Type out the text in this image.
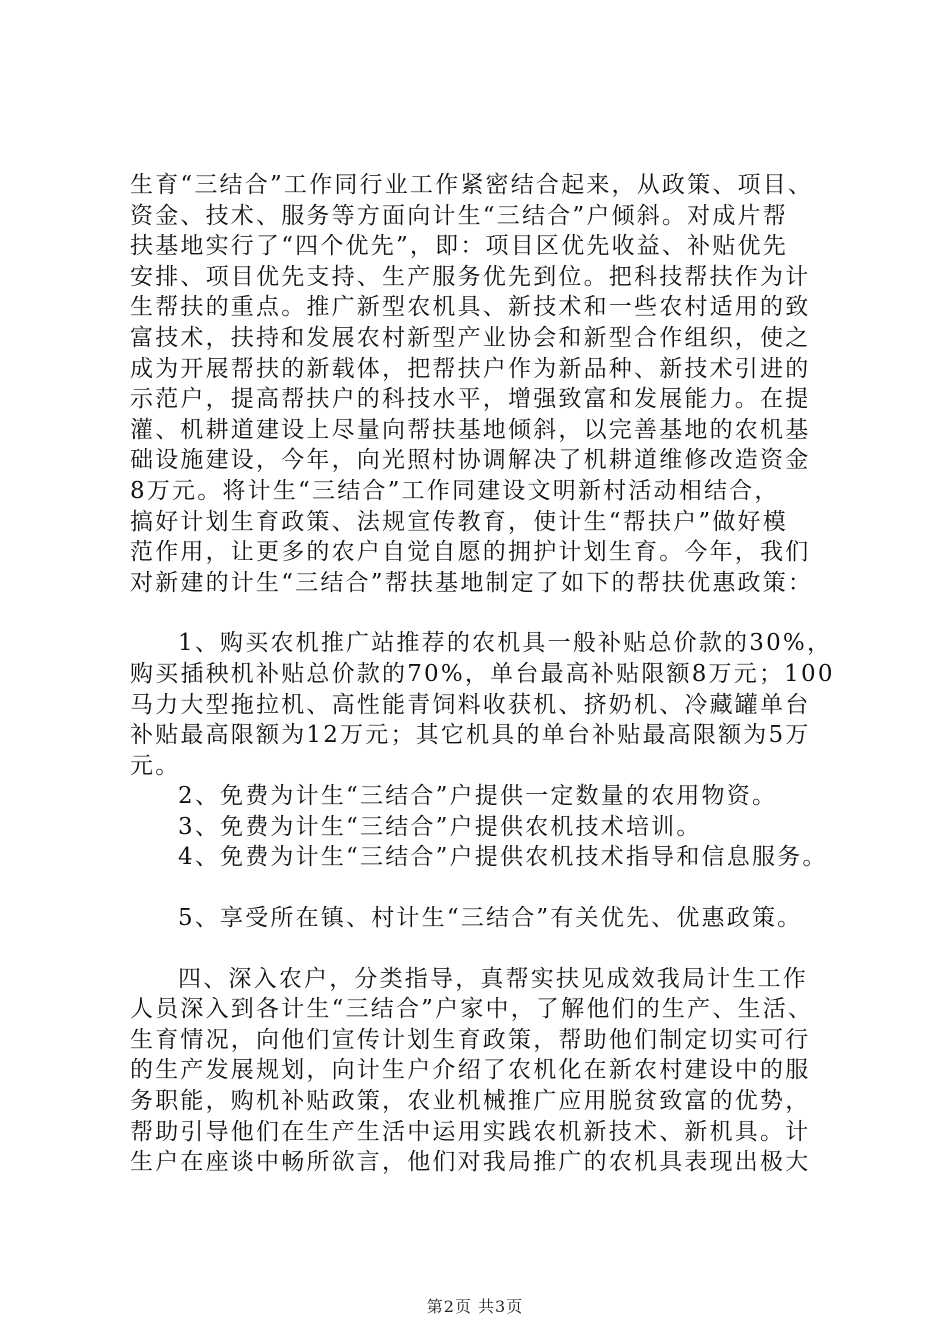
生育“三结合”工作同行业工作紧密结合起来，从政策、项目、
资金、技术、服务等方面向计生“三结合”户倾斜。对成片帮
扶基地实行了“四个优先”，即：项目区优先收益、补贴优先
安排、项目优先支持、生产服务优先到位。把科技帮扶作为计
生帮扶的重点。推广新型农机具、新技术和一些农村适用的致
富技术，扶持和发展农村新型产业协会和新型合作组织，使之
成为开展帮扶的新载体，把帮扶户作为新品种、新技术引进的
示范户，提高帮扶户的科技水平，增强致富和发展能力。在提
灌、机耕道建设上尽量向帮扶基地倾斜，以完善基地的农机基
础设施建设，今年，向光照村协调解决了机耕道维修改造资金
8万元。将计生“三结合”工作同建设文明新村活动相结合，
搞好计划生育政策、法规宣传教育，使计生“帮扶户”做好模
范作用，让更多的农户自觉自愿的拥护计划生育。今年，我们
对新建的计生“三结合”帮扶基地制定了如下的帮扶优惠政策：
1、购买农机推广站推荐的农机具一般补贴总价款的30%，
购买插秧机补贴总价款的70%，单台最高补贴限额8万元；100
马力大型拖拉机、高性能青饲料收获机、挤奶机、冷藏罐单台
补贴最高限额为12万元；其它机具的单台补贴最高限额为5万
元。
2、免费为计生“三结合”户提供一定数量的农用物资。
3、免费为计生“三结合”户提供农机技术培训。
4、免费为计生“三结合”户提供农机技术指导和信息服务。
5、享受所在镇、村计生“三结合”有关优先、优惠政策。
四、深入农户，分类指导，真帮实扶见成效我局计生工作
人员深入到各计生“三结合”户家中，了解他们的生产、生活、
生育情况，向他们宣传计划生育政策，帮助他们制定切实可行
的生产发展规划，向计生户介绍了农机化在新农村建设中的服
务职能，购机补贴政策，农业机械推广应用脱贫致富的优势，
帮助引导他们在生产生活中运用实践农机新技术、新机具。计
生户在座谈中畅所欲言，他们对我局推广的农机具表现出极大
第2页 共3页
